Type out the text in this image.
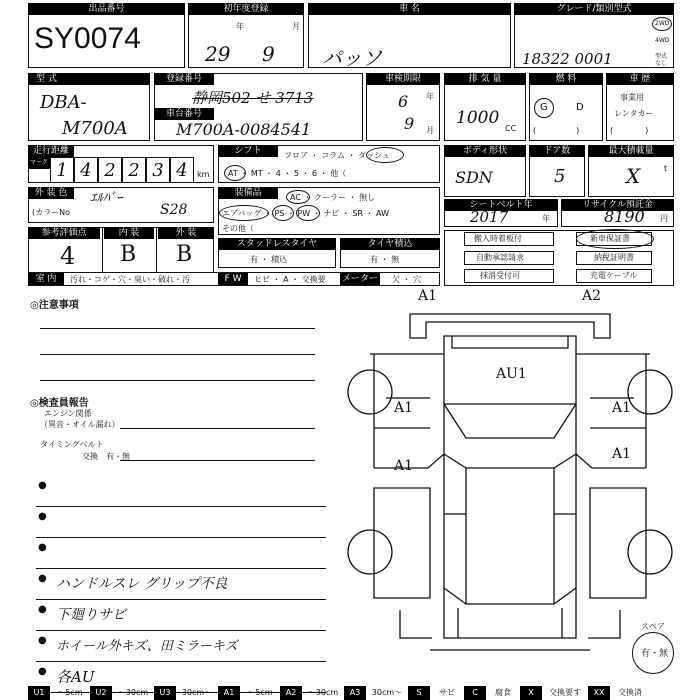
出品番号
SY0074
初年度登録
年	月
29 9
車 名
パッソ
グレード/類別型式
18322 0001
2WD
4WD
型式
なし
型 式
DBA-
M700A
登録番号
静岡502 せ 3713
車台番号
M700A-0084541
車検期限
年
月
6
9
排 気 量
1000
CC
燃 料
G	D
(　　　　　)
車 歴
事業用
レンタカー
(　　　　)
走行距離
マーク 1 4 2 2 3 4	km
シフト	フロア ・ コラム ・ ダッシュ
AT ・ MT ・ 4 ・ 5 ・ 6 ・ 他（
ボディ形状
SDN
ドア数
5
最大積載量
X	t
外 装 色	ｴﾙﾊﾞｰ
(カラーNo	S28
装備品	AC ・ クーラー ・ 無し
エアバッグ ・ PS ・ PW ・ ナビ ・ SR ・ AW
その他（
シートベルト年
2017	年
リサイクル預託金
8190 円
参考評価点	内 装	外 装
4 B B	スタッドレスタイヤ
有 ・ 積込
タイヤ積込
有 ・ 無
搬入時着板付	新車保証書
自動承認請求	納税証明書
抹消受付可	充電ケーブル
室 内	汚れ・コゲ・穴・臭い・破れ・汚	F W	ヒビ ・ A ・ 交換要 メーター 欠 ・ 穴
◎注意事項
◎検査員報告
エンジン関係
（異音・オイル漏れ）
タイミングベルト
交換　有・無
●
●
●
● ハンドルスレ グリップ不良
● 下廻りサビ
● ホイール外キズ、田ミラーキズ
● 各AU
A1	A2
AU1
A1	A1
A1
A1
スペア
有・無
U1	～5cm	U2	～30cm	U3	30cm～	A1	～5cm	A2	～30cm	A3	30cm～	S	サビ	C	腐食	X	交換要す	XX	交換済
